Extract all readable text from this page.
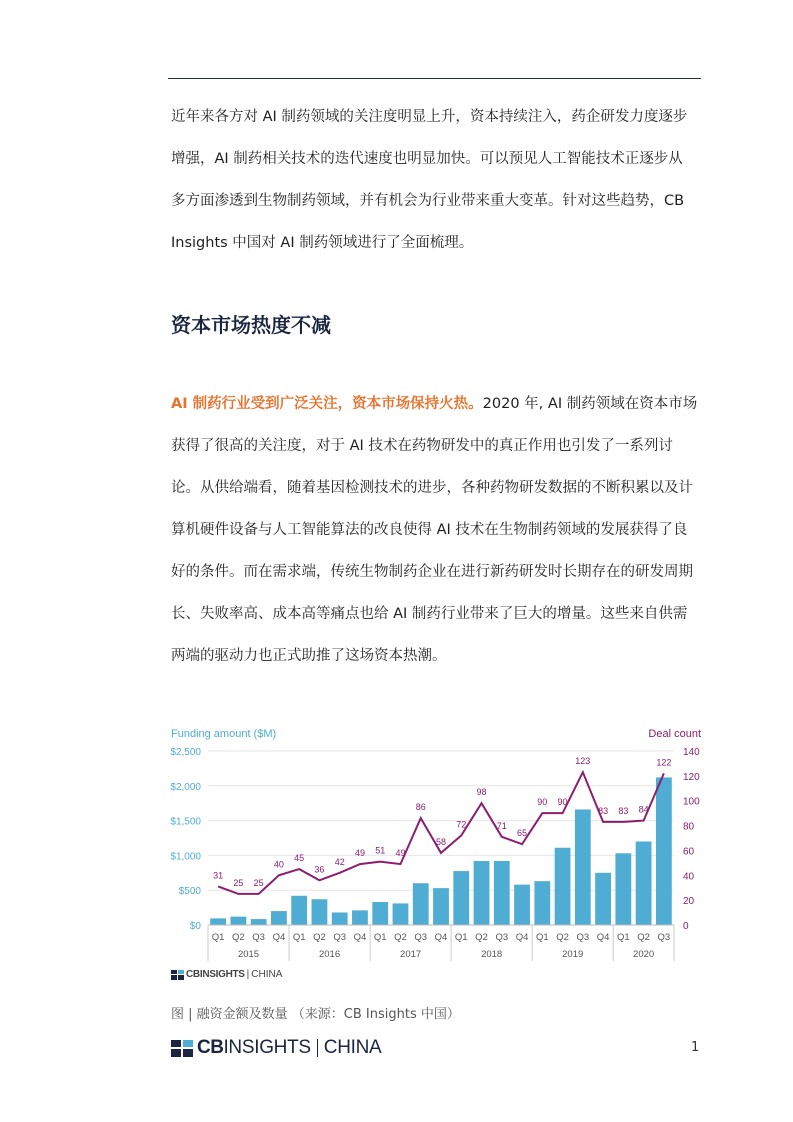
近年来各方对 AI 制药领域的关注度明显上升，资本持续注入，药企研发力度逐步

增强，AI 制药相关技术的迭代速度也明显加快。可以预见人工智能技术正逐步从

多方面渗透到生物制药领域，并有机会为行业带来重大变革。针对这些趋势，CB

Insights 中国对 AI 制药领域进行了全面梳理。

资本市场热度不减

AI 制药行业受到广泛关注，资本市场保持火热。2020 年, AI 制药领域在资本市场

获得了很高的关注度，对于 AI 技术在药物研发中的真正作用也引发了一系列讨

论。从供给端看，随着基因检测技术的进步，各种药物研发数据的不断积累以及计

算机硬件设备与人工智能算法的改良使得 AI 技术在生物制药领域的发展获得了良

好的条件。而在需求端，传统生物制药企业在进行新药研发时长期存在的研发周期

长、失败率高、成本高等痛点也给 AI 制药行业带来了巨大的增量。这些来自供需

两端的驱动力也正式助推了这场资本热潮。

Funding amount ($M)	Deal count
$2,500
$2,000
$1,500
$1,000
$500
$0
140
120
100
80
60
40
20
0
Q1 Q2 Q3 Q4 Q1 Q2 Q3 Q4 Q1 Q2 Q3 Q4 Q1 Q2 Q3 Q4 Q1 Q2 Q3 Q4 Q1 Q2 Q3
2015	2016	2017	2018	2019	2020
31
25 25
40
45
36
42
49 51 49
86
58
72
98
71
65
90 90
123
83 83 84
122
CBINSIGHTS | CHINA
图 | 融资金额及数量 （来源：CB Insights 中国）
CB INSIGHTS CHINA	1
